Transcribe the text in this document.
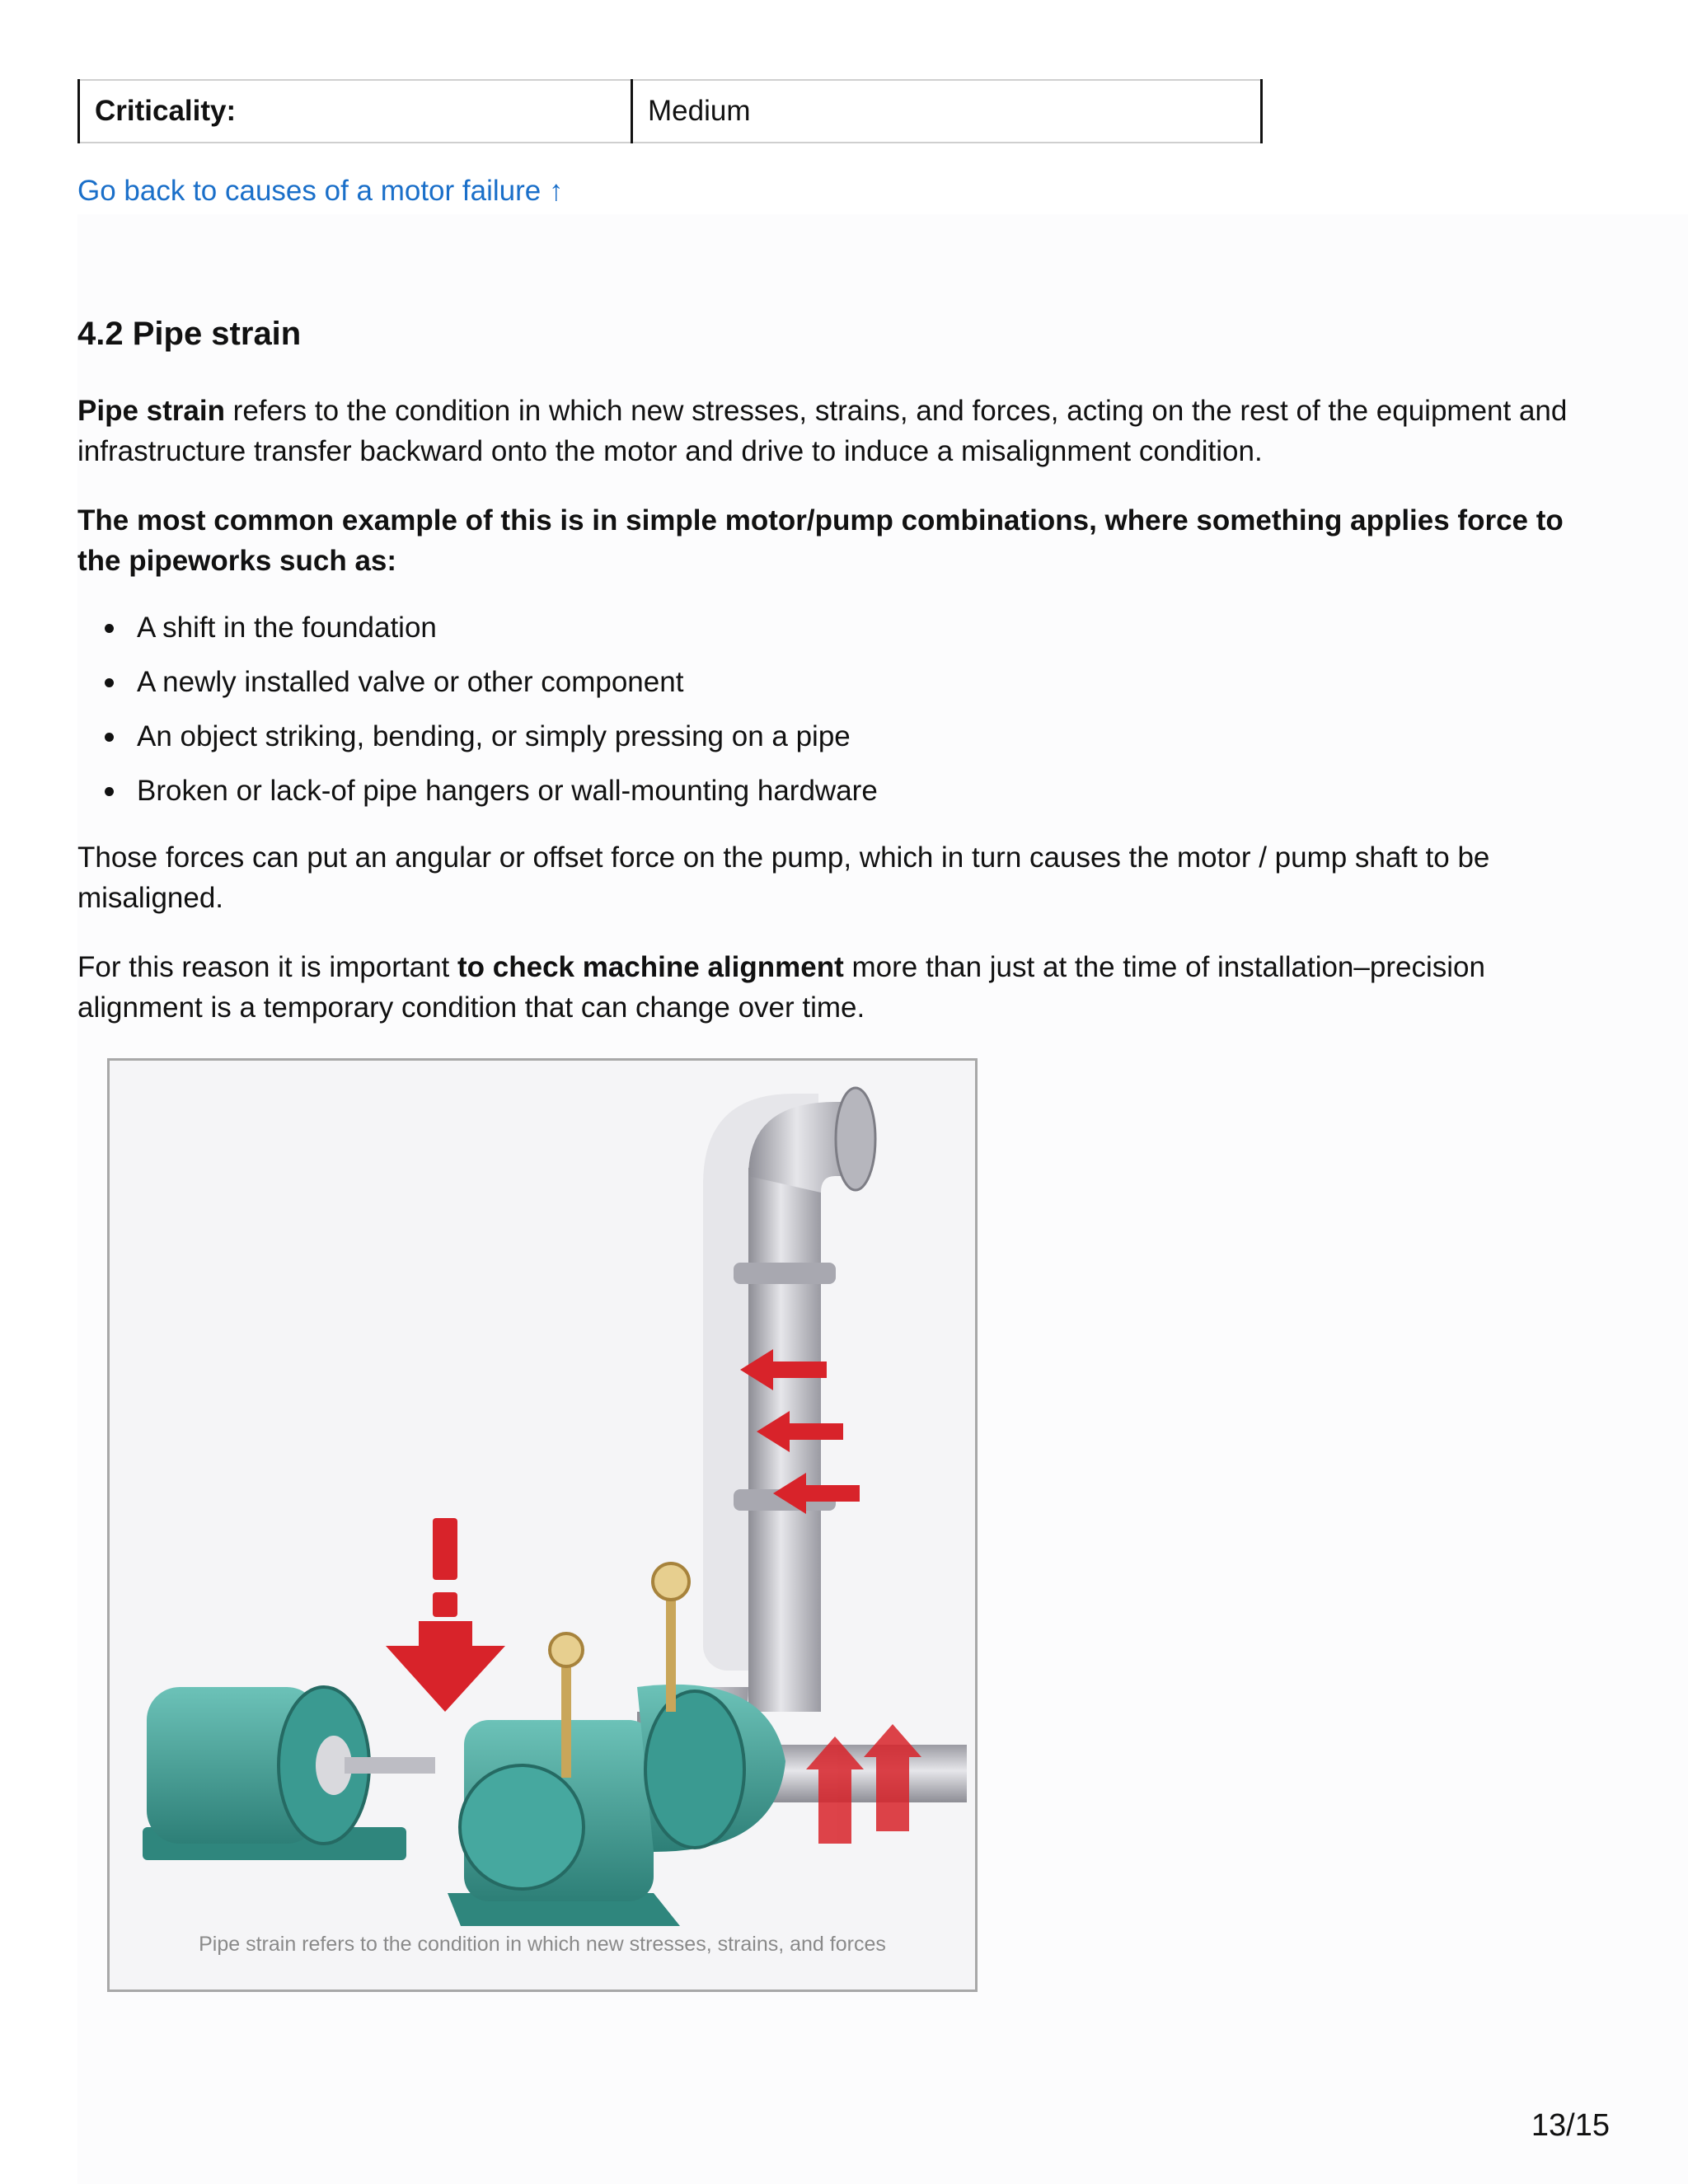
Criticality:	Medium
Go back to causes of a motor failure ↑
4.2 Pipe strain

Pipe strain refers to the condition in which new stresses, strains, and forces, acting on the rest of the equipment and infrastructure transfer backward onto the motor and drive to induce a misalignment condition.

The most common example of this is in simple motor/pump combinations, where something applies force to the pipeworks such as:

A shift in the foundation
A newly installed valve or other component
An object striking, bending, or simply pressing on a pipe
Broken or lack-of pipe hangers or wall-mounting hardware

Those forces can put an angular or offset force on the pump, which in turn causes the motor / pump shaft to be misaligned.

For this reason it is important to check machine alignment more than just at the time of installation–precision alignment is a temporary condition that can change over time.

Pipe strain refers to the condition in which new stresses, strains, and forces
13/15
